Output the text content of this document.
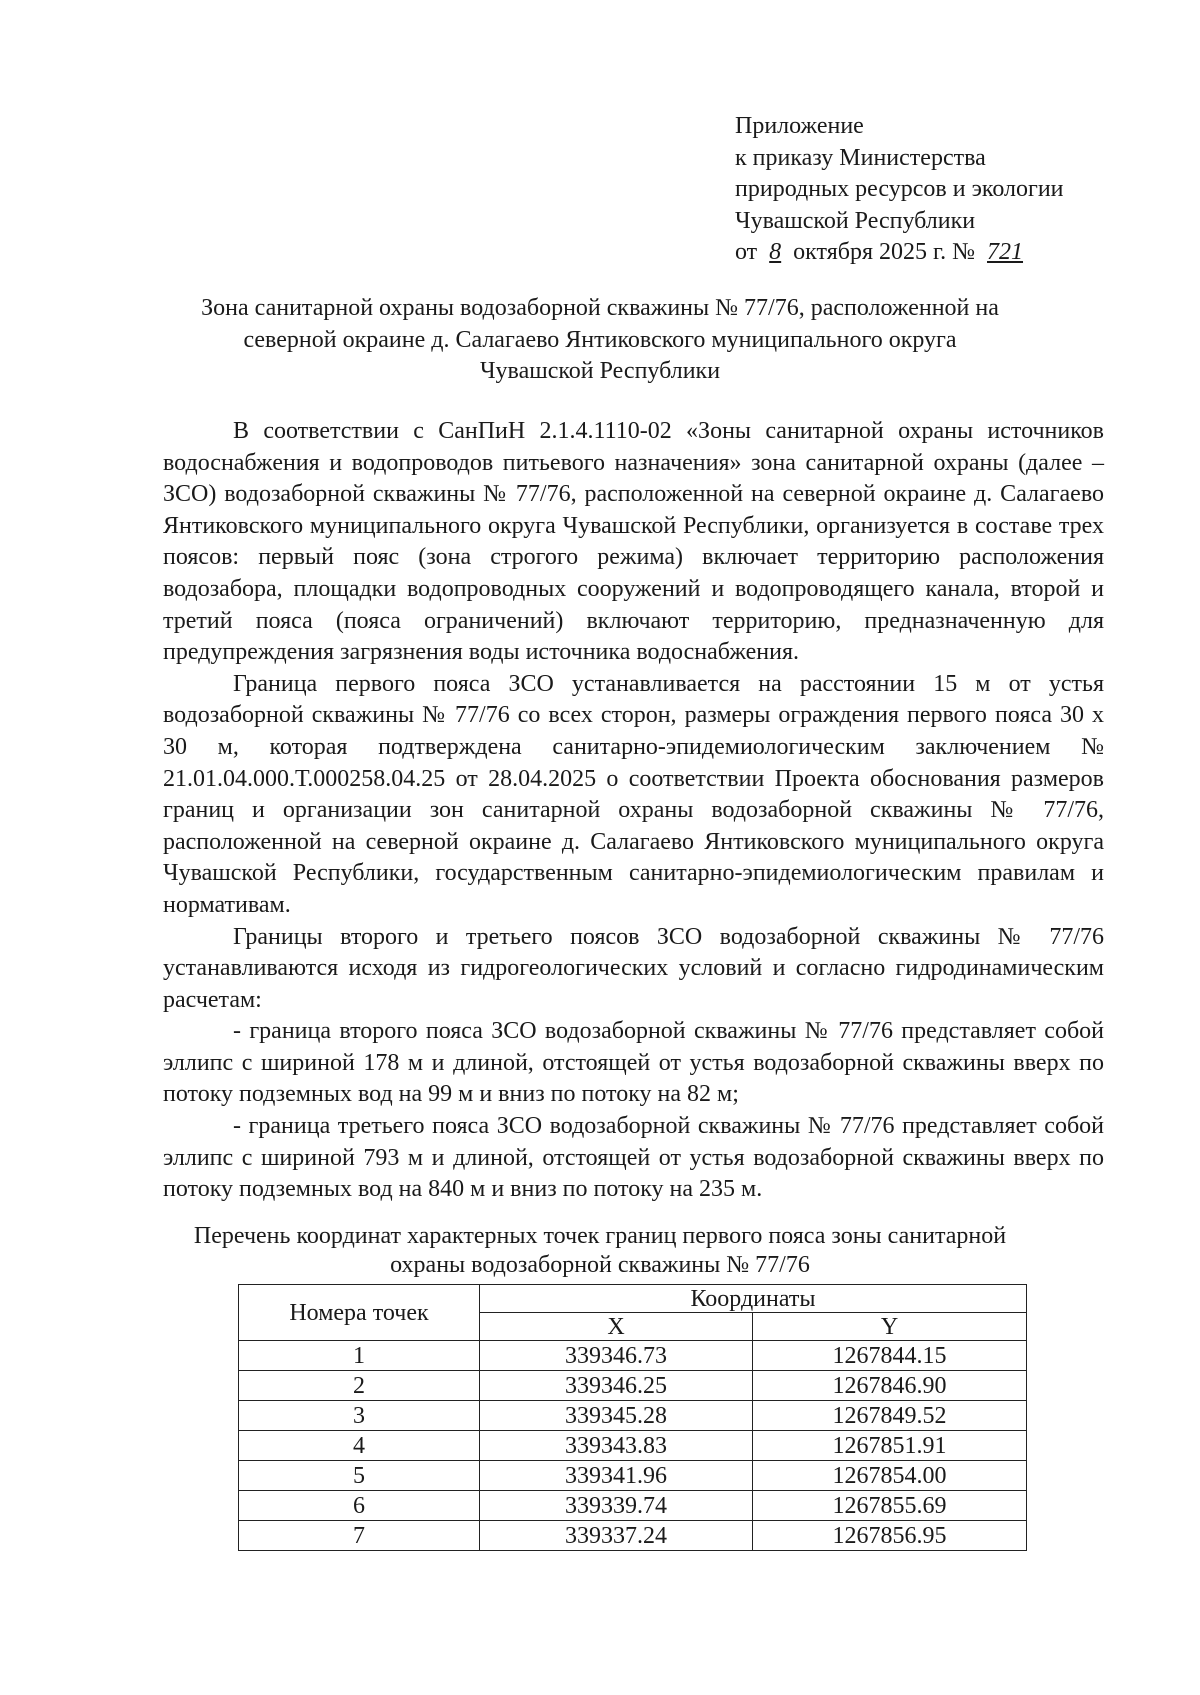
Приложение
к приказу Министерства
природных ресурсов и экологии
Чувашской Республики
от 8 октября 2025 г. № 721
Зона санитарной охраны водозаборной скважины № 77/76, расположенной на
северной окраине д. Салагаево Янтиковского муниципального округа
Чувашской Республики

В соответствии с СанПиН 2.1.4.1110-02 «Зоны санитарной охраны источников водоснабжения и водопроводов питьевого назначения» зона санитарной охраны (далее – ЗСО) водозаборной скважины № 77/76, расположенной на северной окраине д. Салагаево Янтиковского муниципального округа Чувашской Республики, организуется в составе трех поясов: первый пояс (зона строгого режима) включает территорию расположения водозабора, площадки водопроводных сооружений и водопроводящего канала, второй и третий пояса (пояса ограничений) включают территорию, предназначенную для предупреждения загрязнения воды источника водоснабжения.

Граница первого пояса ЗСО устанавливается на расстоянии 15 м от устья водозаборной скважины № 77/76 со всех сторон, размеры ограждения первого пояса 30 х 30 м, которая подтверждена санитарно-эпидемиологическим заключением № 21.01.04.000.Т.000258.04.25 от 28.04.2025 о соответствии Проекта обоснования размеров границ и организации зон санитарной охраны водозаборной скважины № 77/76, расположенной на северной окраине д. Салагаево Янтиковского муниципального округа Чувашской Республики, государственным санитарно-эпидемиологическим правилам и нормативам.

Границы второго и третьего поясов ЗСО водозаборной скважины № 77/76 устанавливаются исходя из гидрогеологических условий и согласно гидродинамическим расчетам:

- граница второго пояса ЗСО водозаборной скважины № 77/76 представляет собой эллипс с шириной 178 м и длиной, отстоящей от устья водозаборной скважины вверх по потоку подземных вод на 99 м и вниз по потоку на 82 м;

- граница третьего пояса ЗСО водозаборной скважины № 77/76 представляет собой эллипс с шириной 793 м и длиной, отстоящей от устья водозаборной скважины вверх по потоку подземных вод на 840 м и вниз по потоку на 235 м.

Перечень координат характерных точек границ первого пояса зоны санитарной
охраны водозаборной скважины № 77/76
Номера точек	Координаты	
	X	Y
1	339346.73	1267844.15
2	339346.25	1267846.90
3	339345.28	1267849.52
4	339343.83	1267851.91
5	339341.96	1267854.00
6	339339.74	1267855.69
7	339337.24	1267856.95
